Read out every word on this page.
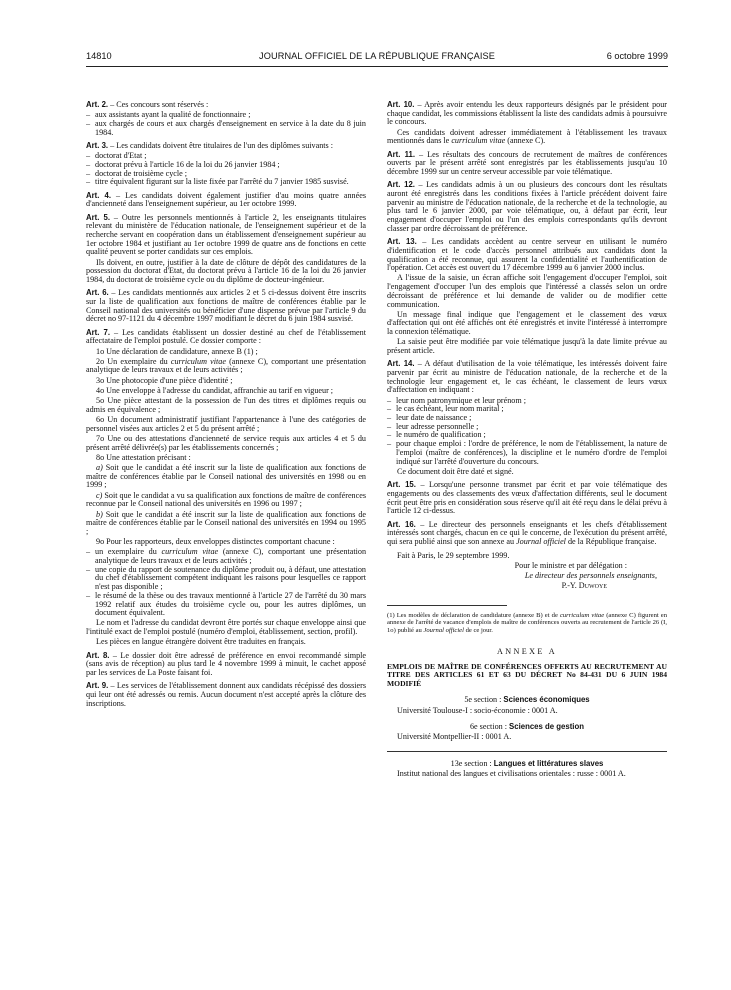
14810	JOURNAL OFFICIEL DE LA RÉPUBLIQUE FRANÇAISE	6 octobre 1999

Art. 2. – Ces concours sont réservés :

– aux assistants ayant la qualité de fonctionnaire ;
– aux chargés de cours et aux chargés d'enseignement en service à la date du 8 juin 1984.

Art. 3. – Les candidats doivent être titulaires de l'un des diplômes suivants :

– doctorat d'Etat ;
– doctorat prévu à l'article 16 de la loi du 26 janvier 1984 ;
– doctorat de troisième cycle ;
– titre équivalent figurant sur la liste fixée par l'arrêté du 7 janvier 1985 susvisé.

Art. 4. – Les candidats doivent également justifier d'au moins quatre années d'ancienneté dans l'enseignement supérieur, au 1er octobre 1999.

Art. 5. – Outre les personnels mentionnés à l'article 2, les enseignants titulaires relevant du ministère de l'éducation nationale, de l'enseignement supérieur et de la recherche servant en coopération dans un établissement d'enseignement supérieur au 1er octobre 1984 et justifiant au 1er octobre 1999 de quatre ans de fonctions en cette qualité peuvent se porter candidats sur ces emplois.

Ils doivent, en outre, justifier à la date de clôture de dépôt des candidatures de la possession du doctorat d'Etat, du doctorat prévu à l'article 16 de la loi du 26 janvier 1984, du doctorat de troisième cycle ou du diplôme de docteur-ingénieur.

Art. 6. – Les candidats mentionnés aux articles 2 et 5 ci-dessus doivent être inscrits sur la liste de qualification aux fonctions de maître de conférences établie par le Conseil national des universités ou bénéficier d'une dispense prévue par l'article 9 du décret no 97-1121 du 4 décembre 1997 modifiant le décret du 6 juin 1984 susvisé.

Art. 7. – Les candidats établissent un dossier destiné au chef de l'établissement affectataire de l'emploi postulé. Ce dossier comporte :

1o Une déclaration de candidature, annexe B (1) ;

2o Un exemplaire du curriculum vitae (annexe C), comportant une présentation analytique de leurs travaux et de leurs activités ;

3o Une photocopie d'une pièce d'identité ;

4o Une enveloppe à l'adresse du candidat, affranchie au tarif en vigueur ;

5o Une pièce attestant de la possession de l'un des titres et diplômes requis ou admis en équivalence ;

6o Un document administratif justifiant l'appartenance à l'une des catégories de personnel visées aux articles 2 et 5 du présent arrêté ;

7o Une ou des attestations d'ancienneté de service requis aux articles 4 et 5 du présent arrêté délivrée(s) par les établissements concernés ;

8o Une attestation précisant :

a) Soit que le candidat a été inscrit sur la liste de qualification aux fonctions de maître de conférences établie par le Conseil national des universités en 1998 ou en 1999 ;

c) Soit que le candidat a vu sa qualification aux fonctions de maître de conférences reconnue par le Conseil national des universités en 1996 ou 1997 ;

b) Soit que le candidat a été inscrit sur la liste de qualification aux fonctions de maître de conférences établie par le Conseil national des universités en 1994 ou 1995 ;

9o Pour les rapporteurs, deux enveloppes distinctes comportant chacune :

– un exemplaire du curriculum vitae (annexe C), comportant une présentation analytique de leurs travaux et de leurs activités ;
– une copie du rapport de soutenance du diplôme produit ou, à défaut, une attestation du chef d'établissement compétent indiquant les raisons pour lesquelles ce rapport n'est pas disponible ;
– le résumé de la thèse ou des travaux mentionné à l'article 27 de l'arrêté du 30 mars 1992 relatif aux études du troisième cycle ou, pour les autres diplômes, un document équivalent.

Le nom et l'adresse du candidat devront être portés sur chaque enveloppe ainsi que l'intitulé exact de l'emploi postulé (numéro d'emploi, établissement, section, profil).

Les pièces en langue étrangère doivent être traduites en français.

Art. 8. – Le dossier doit être adressé de préférence en envoi recommandé simple (sans avis de réception) au plus tard le 4 novembre 1999 à minuit, le cachet apposé par les services de La Poste faisant foi.

Art. 9. – Les services de l'établissement donnent aux candidats récépissé des dossiers qui leur ont été adressés ou remis. Aucun document n'est accepté après la clôture des inscriptions.

Art. 10. – Après avoir entendu les deux rapporteurs désignés par le président pour chaque candidat, les commissions établissent la liste des candidats admis à poursuivre le concours.

Ces candidats doivent adresser immédiatement à l'établissement les travaux mentionnés dans le curriculum vitae (annexe C).

Art. 11. – Les résultats des concours de recrutement de maîtres de conférences ouverts par le présent arrêté sont enregistrés par les établissements jusqu'au 10 décembre 1999 sur un centre serveur accessible par voie télématique.

Art. 12. – Les candidats admis à un ou plusieurs des concours dont les résultats auront été enregistrés dans les conditions fixées à l'article précédent doivent faire parvenir au ministre de l'éducation nationale, de la recherche et de la technologie, au plus tard le 6 janvier 2000, par voie télématique, ou, à défaut par écrit, leur engagement d'occuper l'emploi ou l'un des emplois correspondants qu'ils devront classer par ordre décroissant de préférence.

Art. 13. – Les candidats accèdent au centre serveur en utilisant le numéro d'identification et le code d'accès personnel attribués aux candidats dont la qualification a été reconnue, qui assurent la confidentialité et l'authentification de l'opération. Cet accès est ouvert du 17 décembre 1999 au 6 janvier 2000 inclus.

A l'issue de la saisie, un écran affiche soit l'engagement d'occuper l'emploi, soit l'engagement d'occuper l'un des emplois que l'intéressé a classés selon un ordre décroissant de préférence et lui demande de valider ou de modifier cette communication.

Un message final indique que l'engagement et le classement des vœux d'affectation qui ont été affichés ont été enregistrés et invite l'intéressé à interrompre la connexion télématique.

La saisie peut être modifiée par voie télématique jusqu'à la date limite prévue au présent article.

Art. 14. – A défaut d'utilisation de la voie télématique, les intéressés doivent faire parvenir par écrit au ministre de l'éducation nationale, de la recherche et de la technologie leur engagement et, le cas échéant, le classement de leurs vœux d'affectation en indiquant :

– leur nom patronymique et leur prénom ;
– le cas échéant, leur nom marital ;
– leur date de naissance ;
– leur adresse personnelle ;
– le numéro de qualification ;
– pour chaque emploi : l'ordre de préférence, le nom de l'établissement, la nature de l'emploi (maître de conférences), la discipline et le numéro d'ordre de l'emploi indiqué sur l'arrêté d'ouverture du concours.

Ce document doit être daté et signé.

Art. 15. – Lorsqu'une personne transmet par écrit et par voie télématique des engagements ou des classements des vœux d'affectation différents, seul le document écrit peut être pris en considération sous réserve qu'il ait été reçu dans le délai prévu à l'article 12 ci-dessus.

Art. 16. – Le directeur des personnels enseignants et les chefs d'établissement intéressés sont chargés, chacun en ce qui le concerne, de l'exécution du présent arrêté, qui sera publié ainsi que son annexe au Journal officiel de la République française.

Fait à Paris, le 29 septembre 1999.

Pour le ministre et par délégation :

Le directeur des personnels enseignants,

P.-Y. Duwoye

(1) Les modèles de déclaration de candidature (annexe B) et de curriculum vitae (annexe C) figurent en annexe de l'arrêté de vacance d'emplois de maître de conférences ouverts au recrutement de l'article 26 (I, 1o) publié au Journal officiel de ce jour.

ANNEXE A

EMPLOIS DE MAÎTRE DE CONFÉRENCES OFFERTS AU RECRUTEMENT AU TITRE DES ARTICLES 61 ET 63 DU DÉCRET No 84-431 DU 6 JUIN 1984 MODIFIÉ

5e section : Sciences économiques

Université Toulouse-I : socio-économie : 0001 A.

6e section : Sciences de gestion

Université Montpellier-II : 0001 A.

13e section : Langues et littératures slaves

Institut national des langues et civilisations orientales : russe : 0001 A.
